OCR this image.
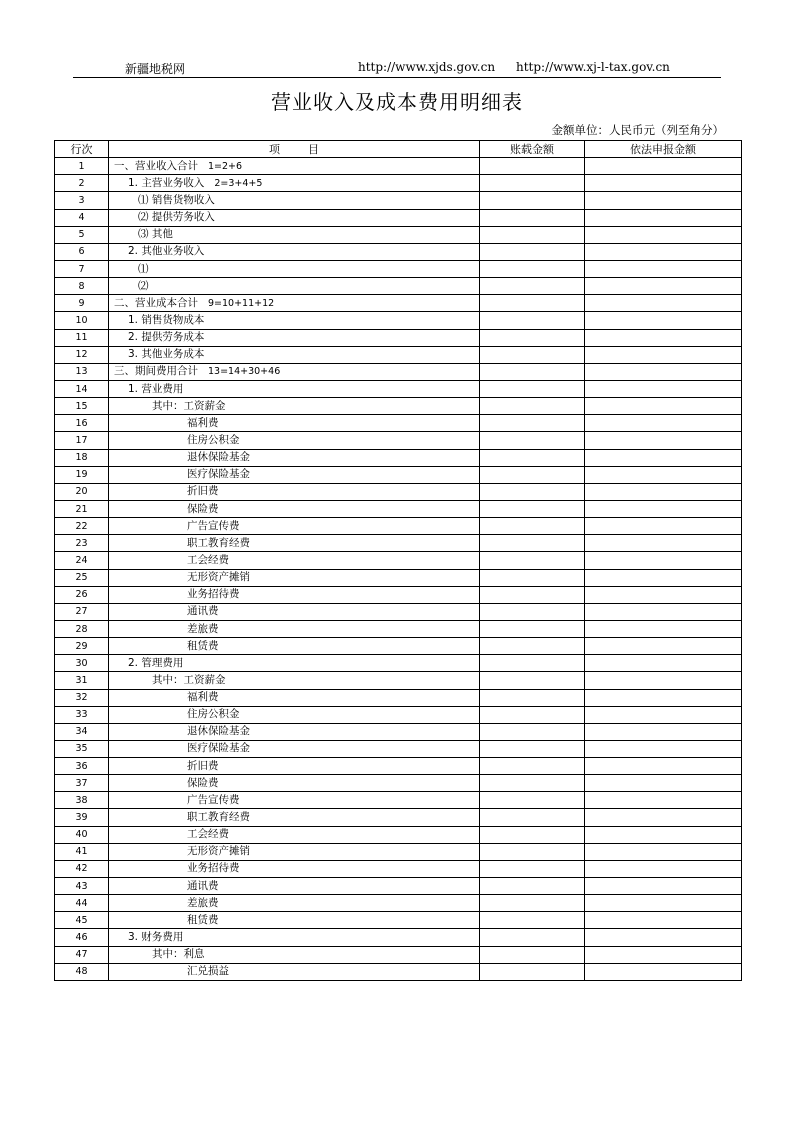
新疆地税网	http://www.xjds.gov.cn http://www.xj-l-tax.gov.cn
营业收入及成本费用明细表
金额单位：人民币元（列至角分）
行次	项 目	账载金额	依法申报金额
1	一、营业收入合计 1=2+6		
2	1. 主营业务收入 2=3+4+5		
3	⑴ 销售货物收入		
4	⑵ 提供劳务收入		
5	⑶ 其他		
6	2. 其他业务收入		
7	⑴		
8	⑵		
9	二、营业成本合计 9=10+11+12		
10	1. 销售货物成本		
11	2. 提供劳务成本		
12	3. 其他业务成本		
13	三、期间费用合计 13=14+30+46		
14	1. 营业费用		
15	其中：工资薪金		
16	福利费		
17	住房公积金		
18	退休保险基金		
19	医疗保险基金		
20	折旧费		
21	保险费		
22	广告宣传费		
23	职工教育经费		
24	工会经费		
25	无形资产摊销		
26	业务招待费		
27	通讯费		
28	差旅费		
29	租赁费		
30	2. 管理费用		
31	其中：工资薪金		
32	福利费		
33	住房公积金		
34	退休保险基金		
35	医疗保险基金		
36	折旧费		
37	保险费		
38	广告宣传费		
39	职工教育经费		
40	工会经费		
41	无形资产摊销		
42	业务招待费		
43	通讯费		
44	差旅费		
45	租赁费		
46	3. 财务费用		
47	其中：利息		
48	汇兑损益		
